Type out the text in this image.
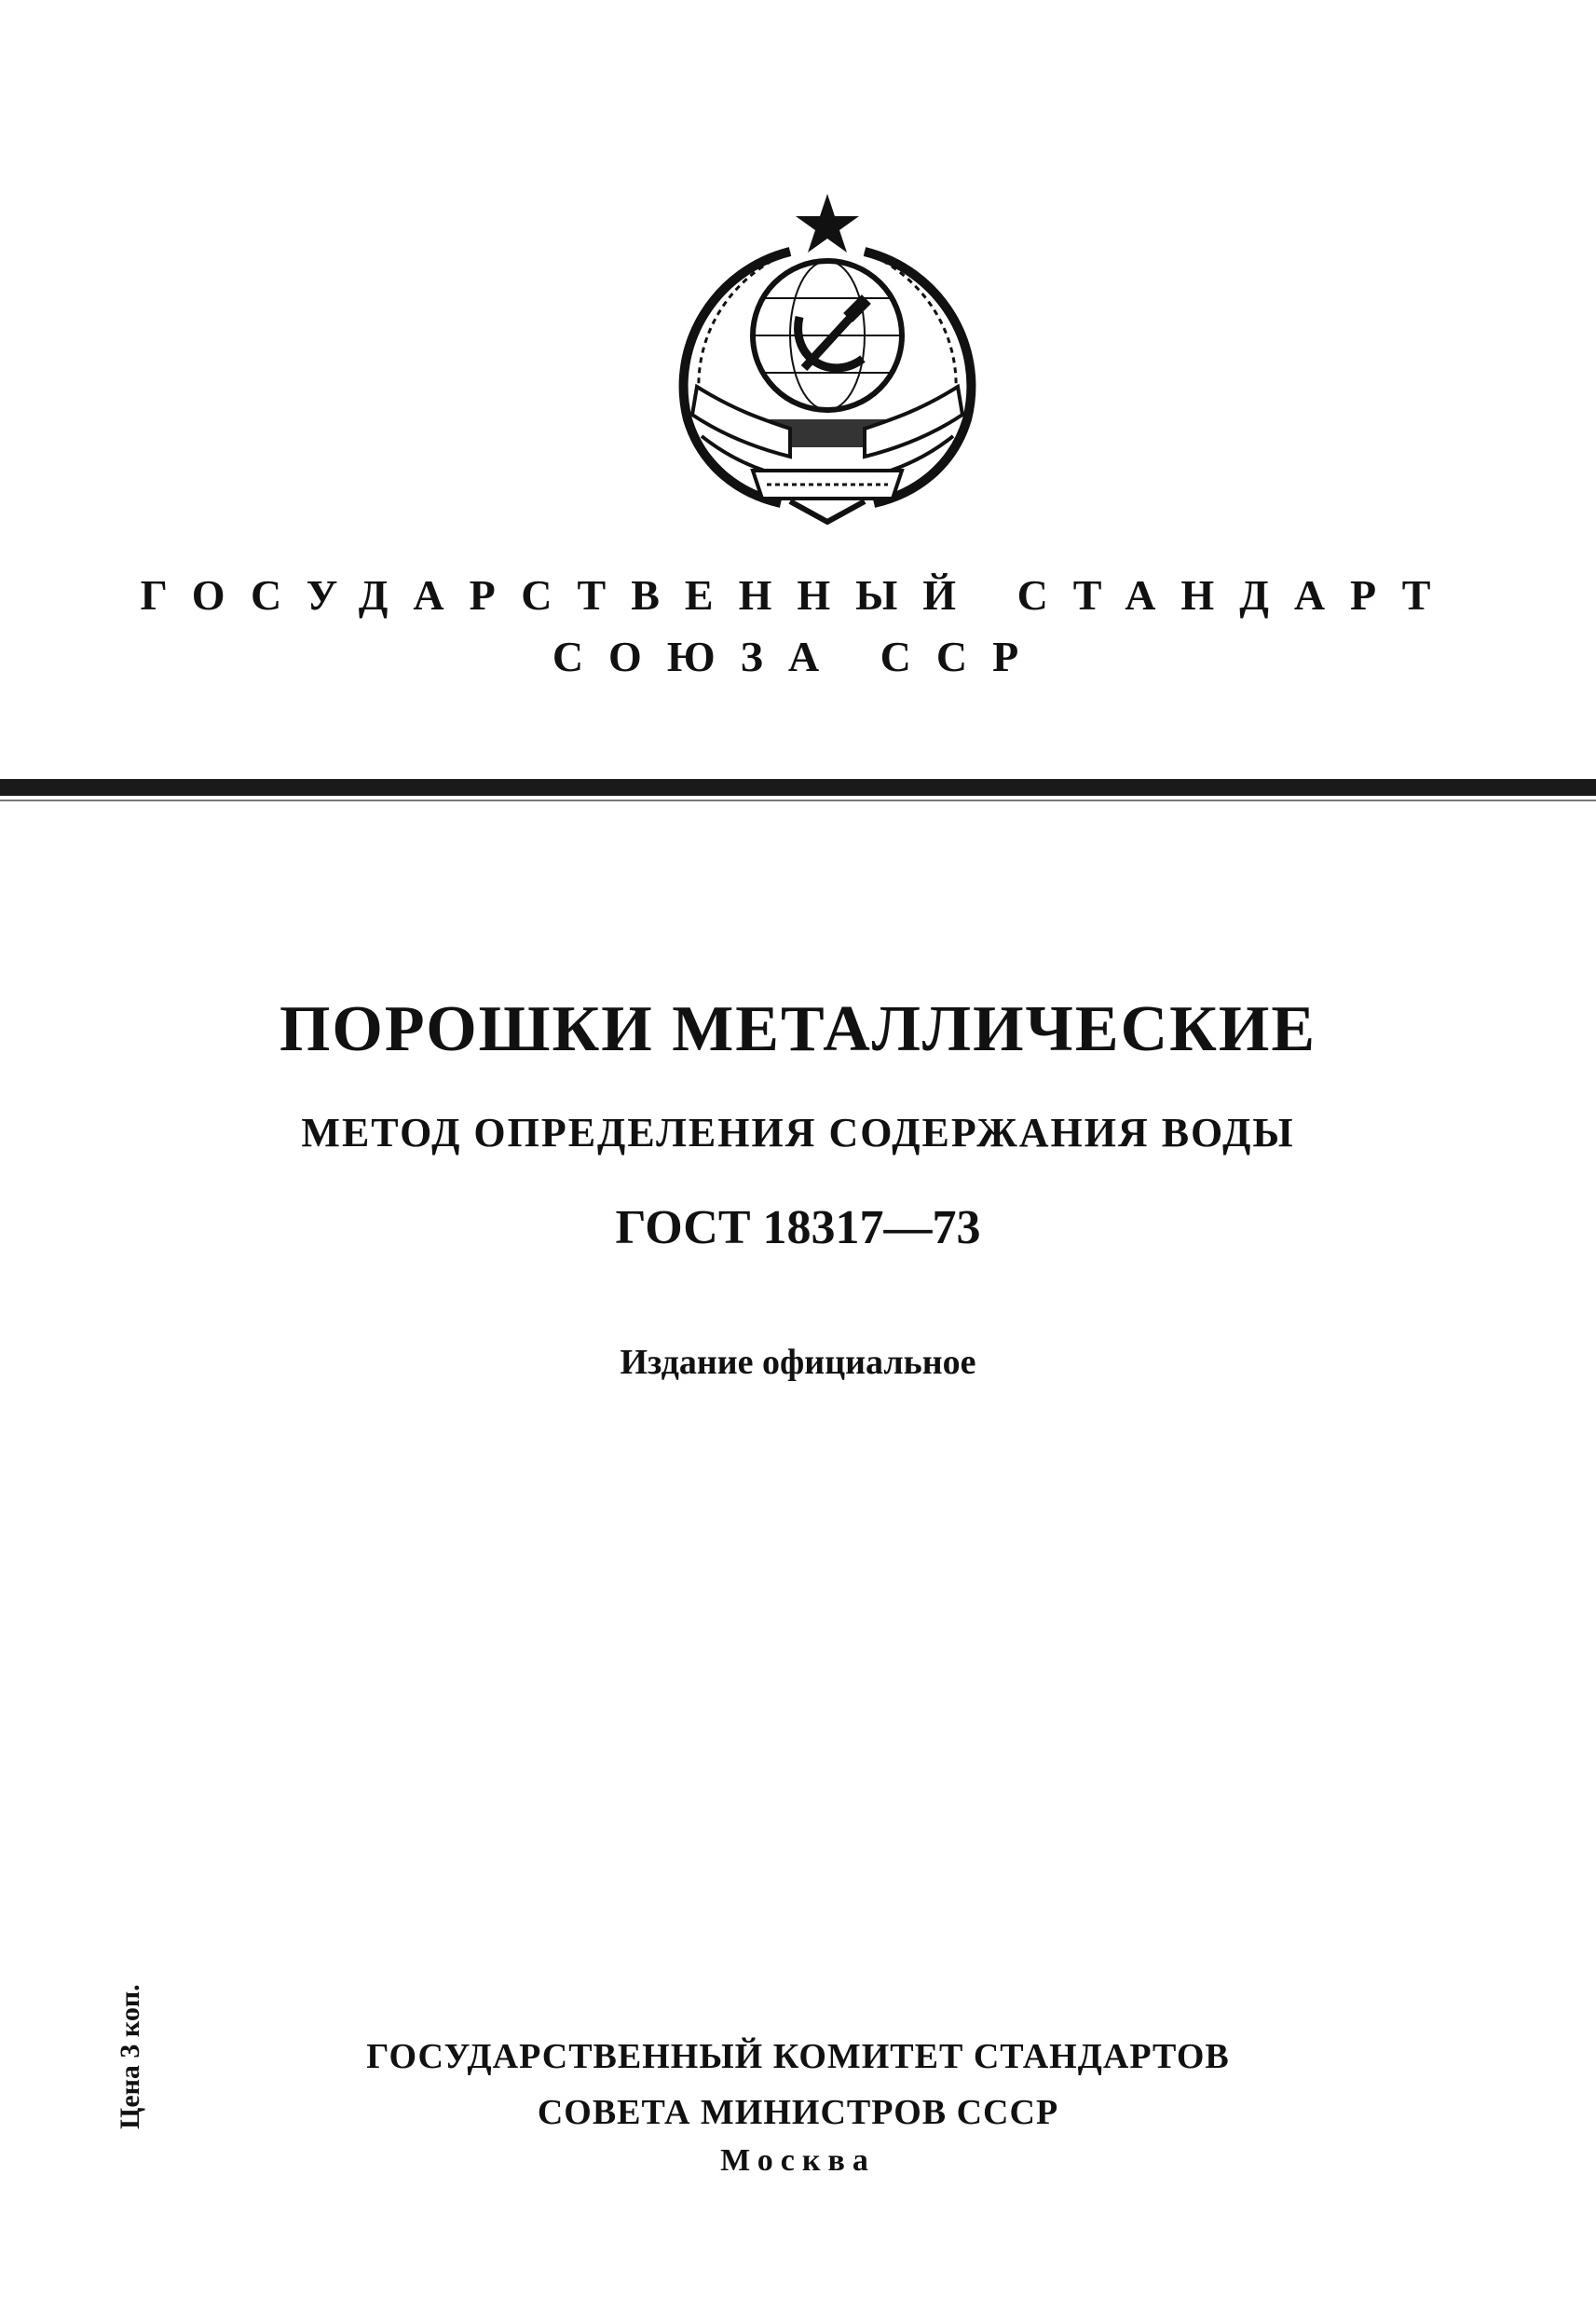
ГОСУДАРСТВЕННЫЙ СТАНДАРТ
СОЮЗА ССР
ПОРОШКИ МЕТАЛЛИЧЕСКИЕ
МЕТОД ОПРЕДЕЛЕНИЯ СОДЕРЖАНИЯ ВОДЫ
ГОСТ 18317—73
Издание официальное
Цена 3 коп.	ГОСУДАРСТВЕННЫЙ КОМИТЕТ СТАНДАРТОВ
СОВЕТА МИНИСТРОВ СССР
Москва
